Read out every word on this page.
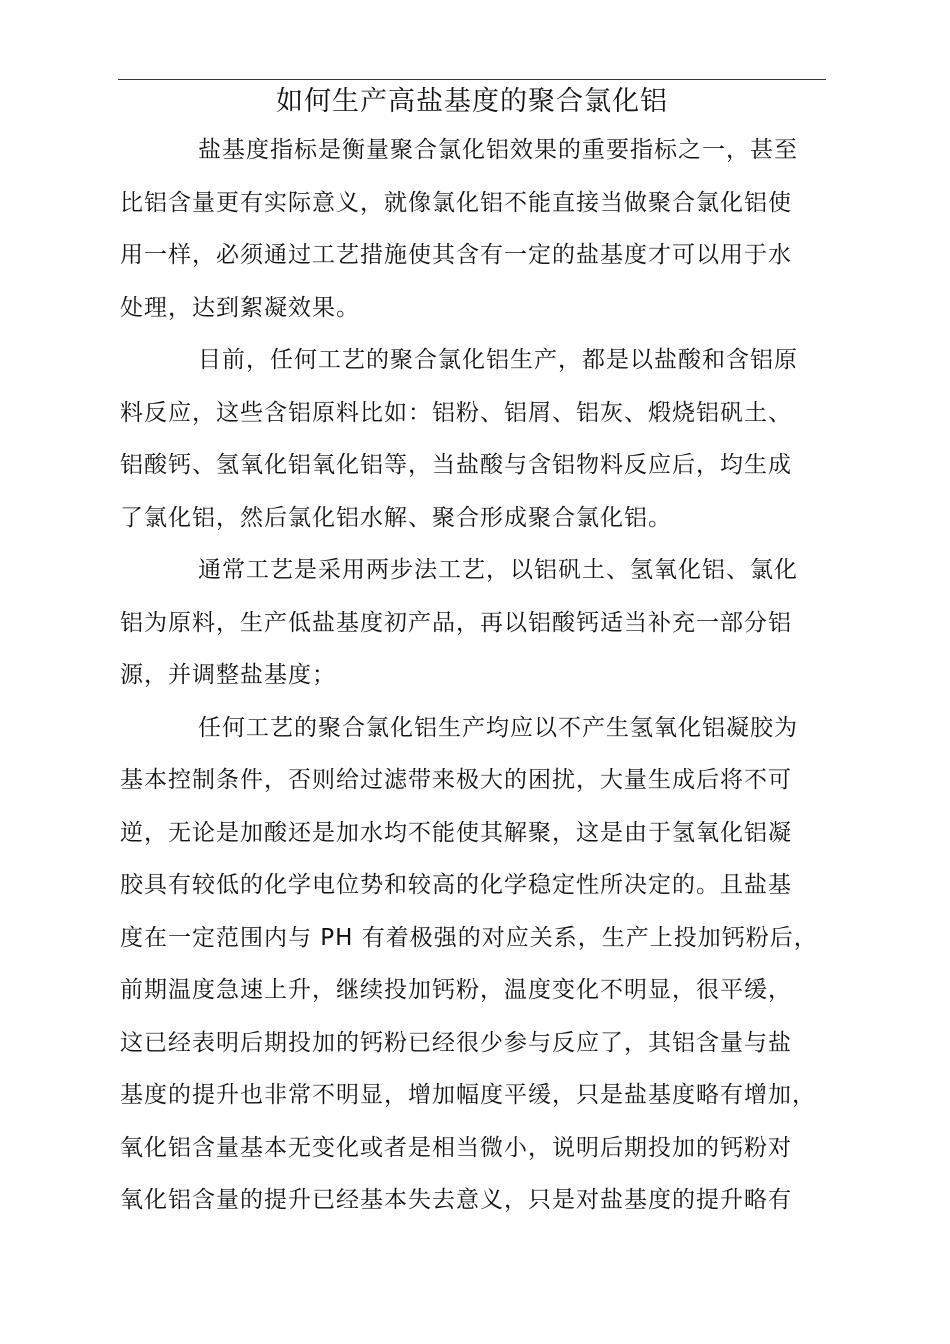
如何生产高盐基度的聚合氯化铝

盐基度指标是衡量聚合氯化铝效果的重要指标之一，甚至
比铝含量更有实际意义，就像氯化铝不能直接当做聚合氯化铝使
用一样，必须通过工艺措施使其含有一定的盐基度才可以用于水
处理，达到絮凝效果。

目前，任何工艺的聚合氯化铝生产，都是以盐酸和含铝原
料反应，这些含铝原料比如：铝粉、铝屑、铝灰、煅烧铝矾土、
铝酸钙、氢氧化铝氧化铝等，当盐酸与含铝物料反应后，均生成
了氯化铝，然后氯化铝水解、聚合形成聚合氯化铝。

通常工艺是采用两步法工艺，以铝矾土、氢氧化铝、氯化
铝为原料，生产低盐基度初产品，再以铝酸钙适当补充一部分铝
源，并调整盐基度；

任何工艺的聚合氯化铝生产均应以不产生氢氧化铝凝胶为
基本控制条件，否则给过滤带来极大的困扰，大量生成后将不可
逆，无论是加酸还是加水均不能使其解聚，这是由于氢氧化铝凝
胶具有较低的化学电位势和较高的化学稳定性所决定的。且盐基
度在一定范围内与 PH 有着极强的对应关系，生产上投加钙粉后，
前期温度急速上升，继续投加钙粉，温度变化不明显，很平缓，
这已经表明后期投加的钙粉已经很少参与反应了，其铝含量与盐
基度的提升也非常不明显，增加幅度平缓，只是盐基度略有增加，
氧化铝含量基本无变化或者是相当微小，说明后期投加的钙粉对
氧化铝含量的提升已经基本失去意义，只是对盐基度的提升略有
